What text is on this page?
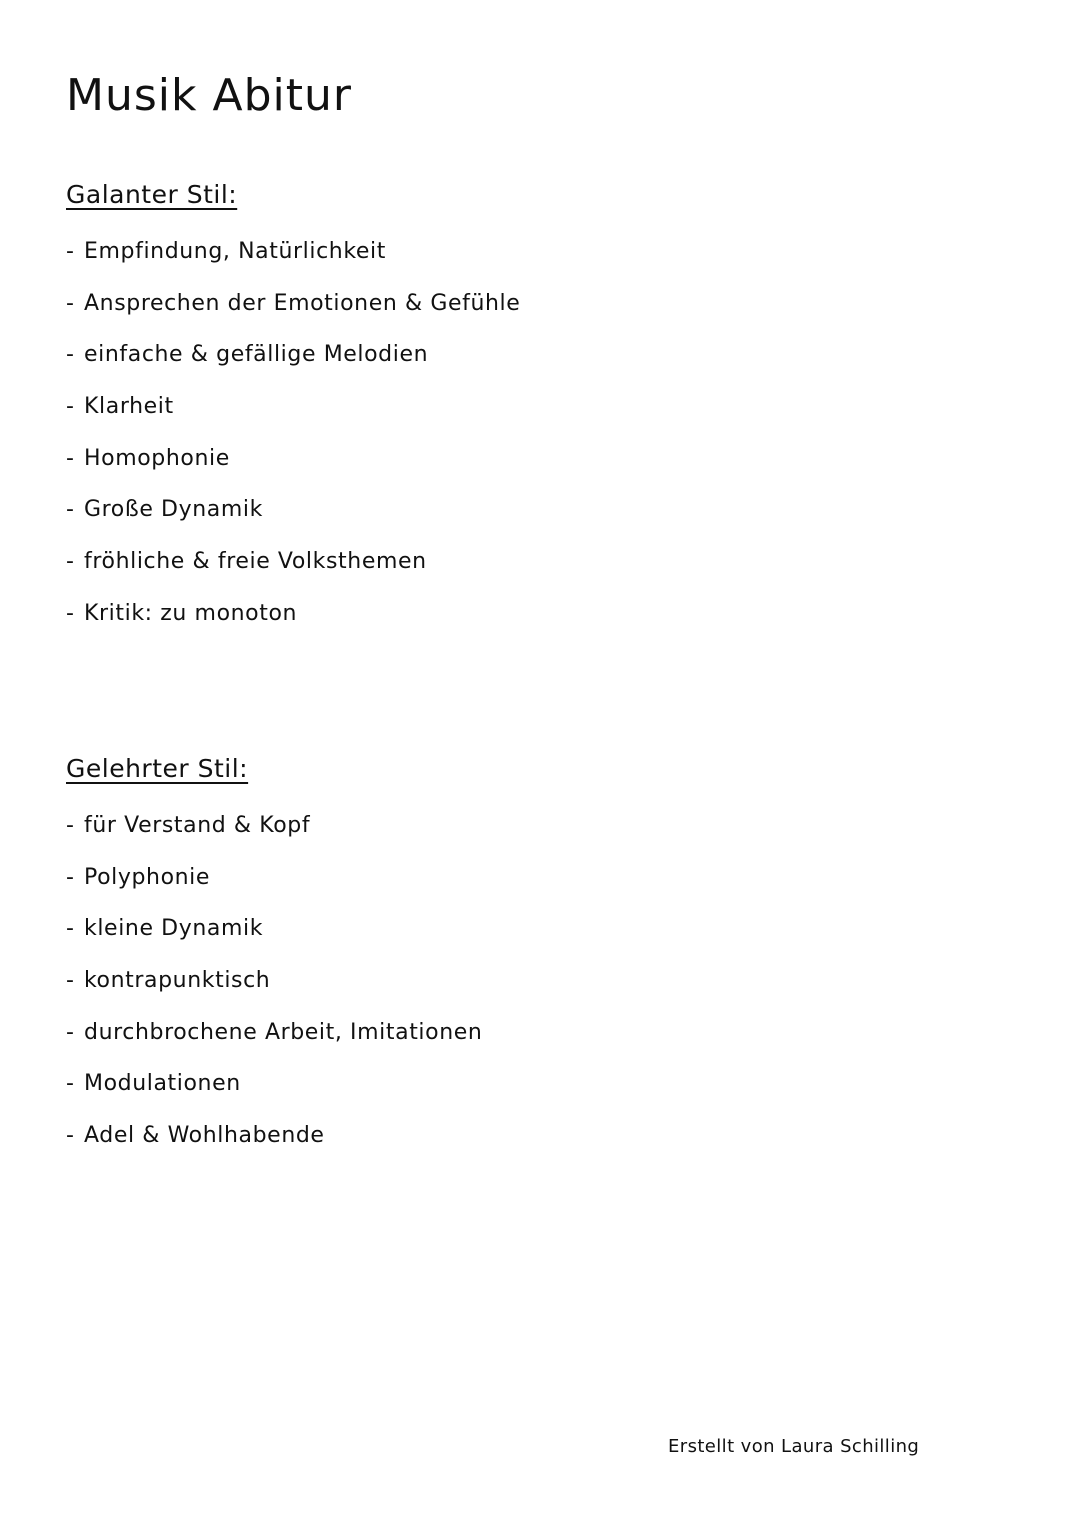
Musik Abitur
Galanter Stil:
- Empfindung, Natürlichkeit
- Ansprechen der Emotionen & Gefühle
- einfache & gefällige Melodien
- Klarheit
- Homophonie
- Große Dynamik
- fröhliche & freie Volksthemen
- Kritik: zu monoton
Gelehrter Stil:
- für Verstand & Kopf
- Polyphonie
- kleine Dynamik
- kontrapunktisch
- durchbrochene Arbeit, Imitationen
- Modulationen
- Adel & Wohlhabende

Erstellt von Laura Schilling
